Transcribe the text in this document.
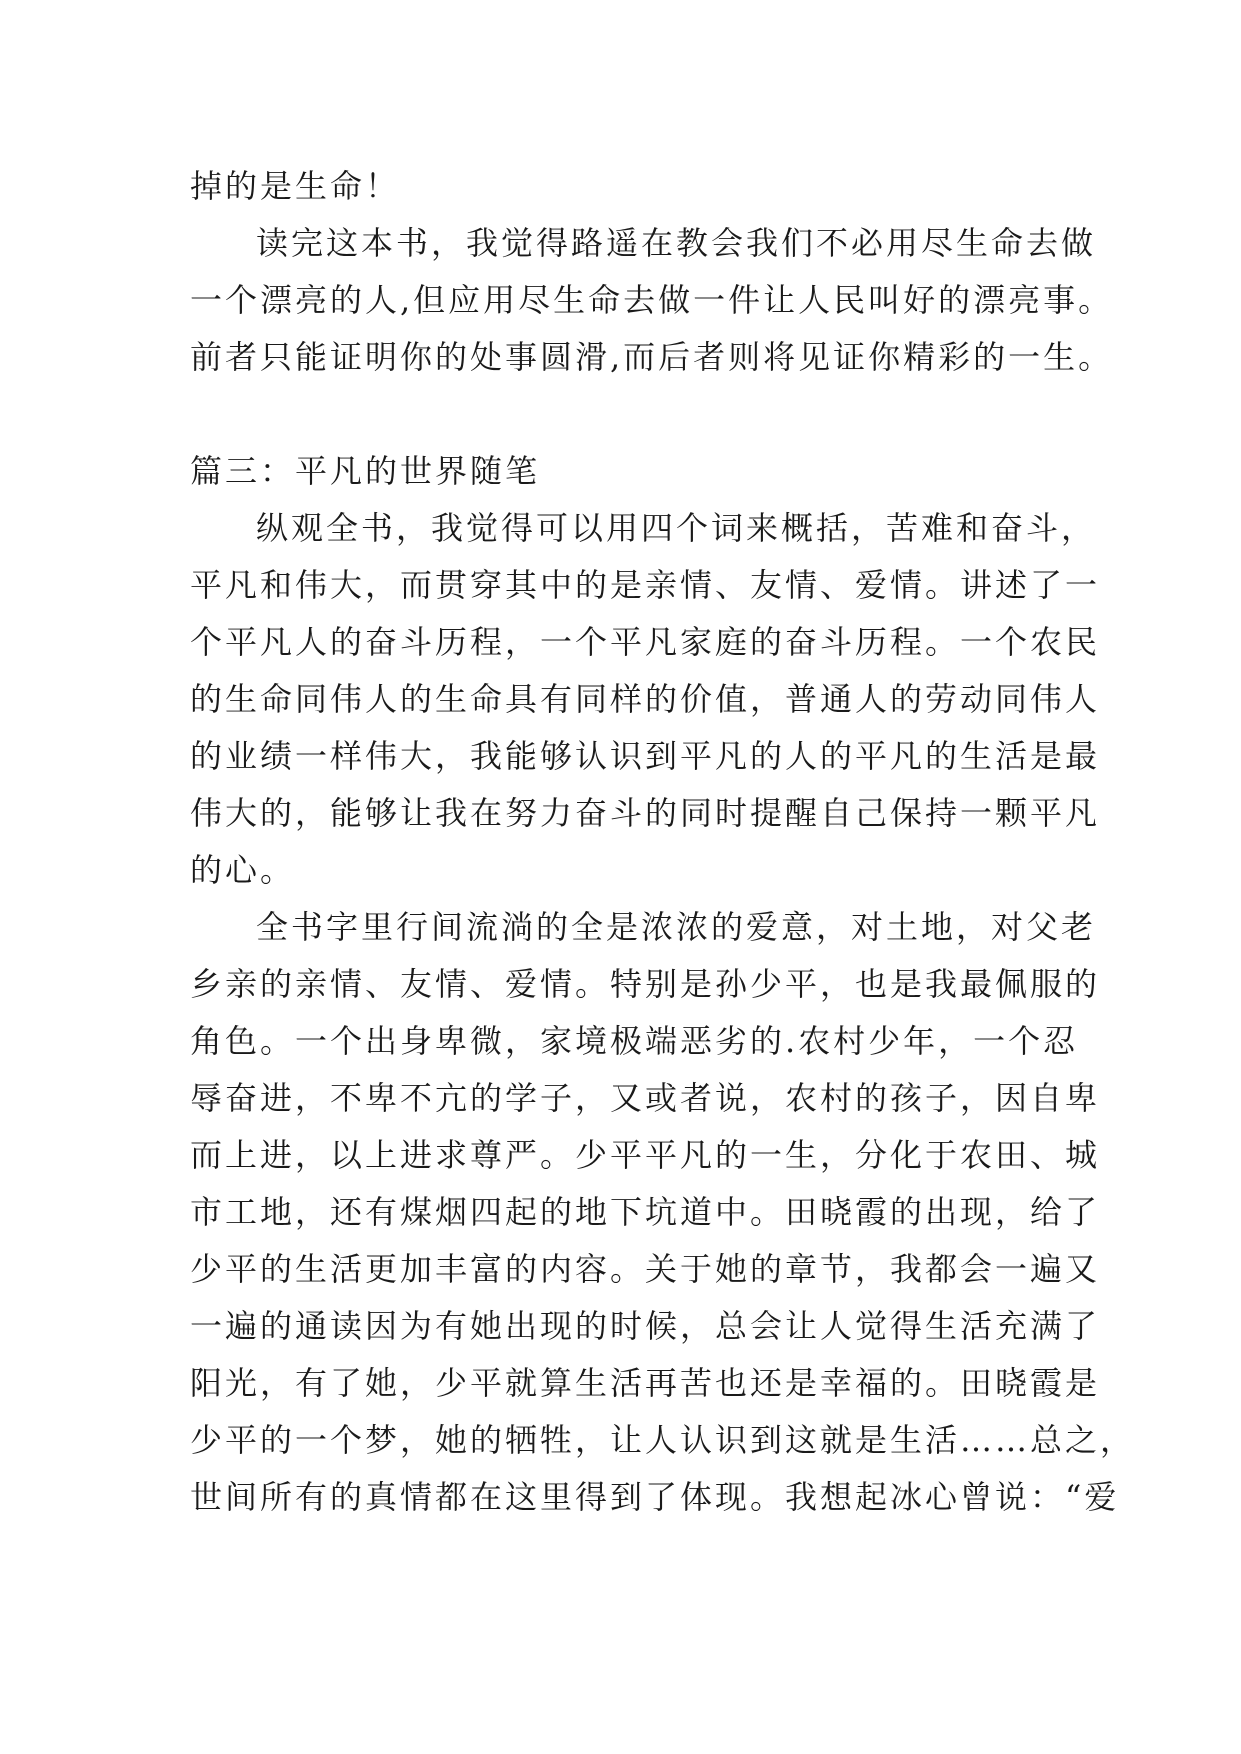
掉的是生命！
读完这本书，我觉得路遥在教会我们不必用尽生命去做
一个漂亮的人,但应用尽生命去做一件让人民叫好的漂亮事。
前者只能证明你的处事圆滑,而后者则将见证你精彩的一生。
篇三：平凡的世界随笔
纵观全书，我觉得可以用四个词来概括，苦难和奋斗，
平凡和伟大，而贯穿其中的是亲情、友情、爱情。讲述了一
个平凡人的奋斗历程，一个平凡家庭的奋斗历程。一个农民
的生命同伟人的生命具有同样的价值，普通人的劳动同伟人
的业绩一样伟大，我能够认识到平凡的人的平凡的生活是最
伟大的，能够让我在努力奋斗的同时提醒自己保持一颗平凡
的心。
全书字里行间流淌的全是浓浓的爱意，对土地，对父老
乡亲的亲情、友情、爱情。特别是孙少平，也是我最佩服的
角色。一个出身卑微，家境极端恶劣的.农村少年，一个忍
辱奋进，不卑不亢的学子，又或者说，农村的孩子，因自卑
而上进，以上进求尊严。少平平凡的一生，分化于农田、城
市工地，还有煤烟四起的地下坑道中。田晓霞的出现，给了
少平的生活更加丰富的内容。关于她的章节，我都会一遍又
一遍的通读因为有她出现的时候，总会让人觉得生活充满了
阳光，有了她，少平就算生活再苦也还是幸福的。田晓霞是
少平的一个梦，她的牺牲，让人认识到这就是生活……总之，
世间所有的真情都在这里得到了体现。我想起冰心曾说：“爱
